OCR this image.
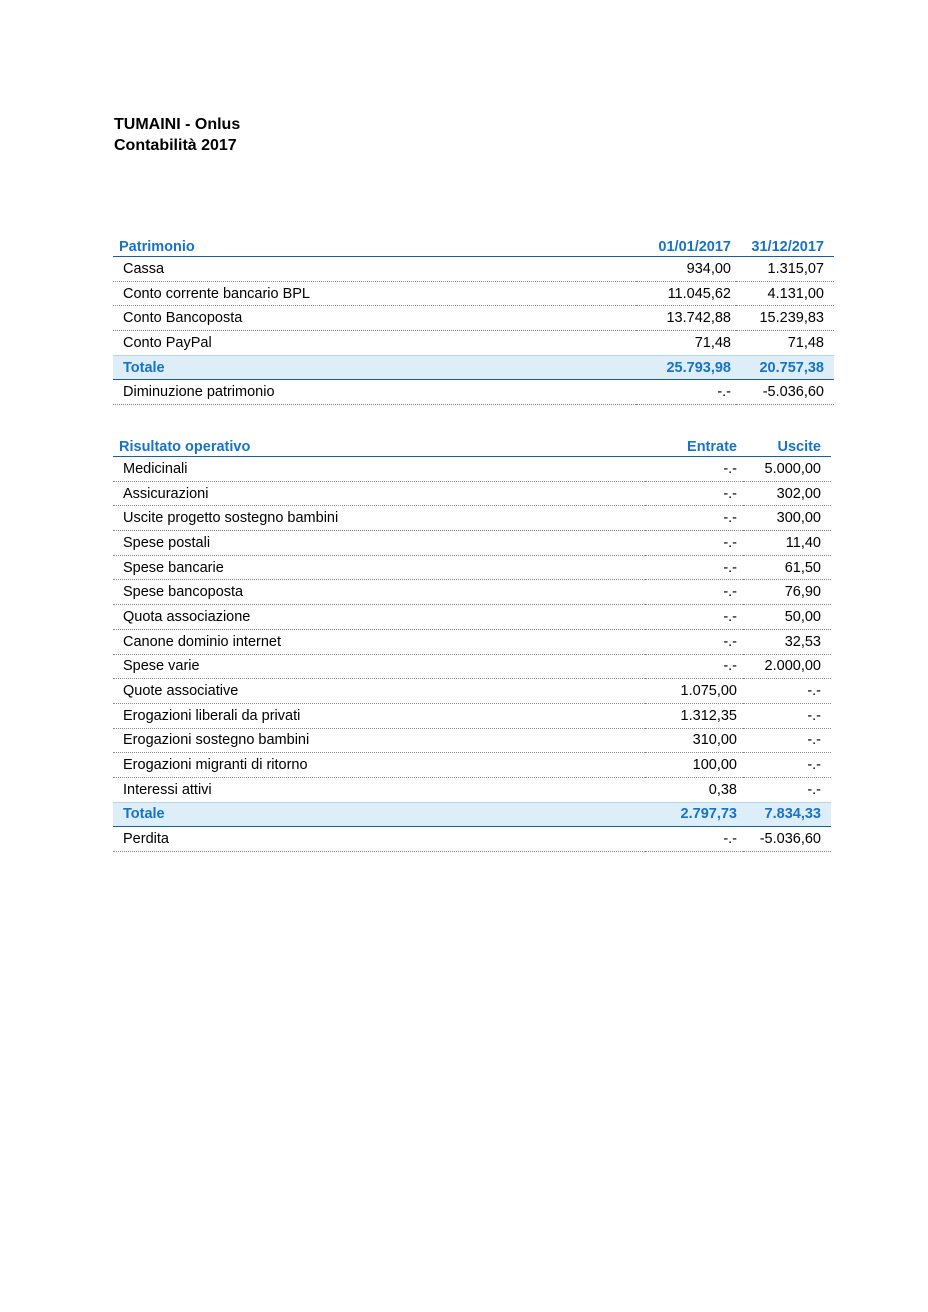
TUMAINI - Onlus
Contabilità 2017
Patrimonio	01/01/2017	31/12/2017
Cassa	934,00	1.315,07
Conto corrente bancario BPL	11.045,62	4.131,00
Conto Bancoposta	13.742,88	15.239,83
Conto PayPal	71,48	71,48
Totale	25.793,98	20.757,38
Diminuzione patrimonio	-.-	-5.036,60
Risultato operativo	Entrate	Uscite
Medicinali	-.-	5.000,00
Assicurazioni	-.-	302,00
Uscite progetto sostegno bambini	-.-	300,00
Spese postali	-.-	11,40
Spese bancarie	-.-	61,50
Spese bancoposta	-.-	76,90
Quota associazione	-.-	50,00
Canone dominio internet	-.-	32,53
Spese varie	-.-	2.000,00
Quote associative	1.075,00	-.-
Erogazioni liberali da privati	1.312,35	-.-
Erogazioni sostegno bambini	310,00	-.-
Erogazioni migranti di ritorno	100,00	-.-
Interessi attivi	0,38	-.-
Totale	2.797,73	7.834,33
Perdita	-.-	-5.036,60
